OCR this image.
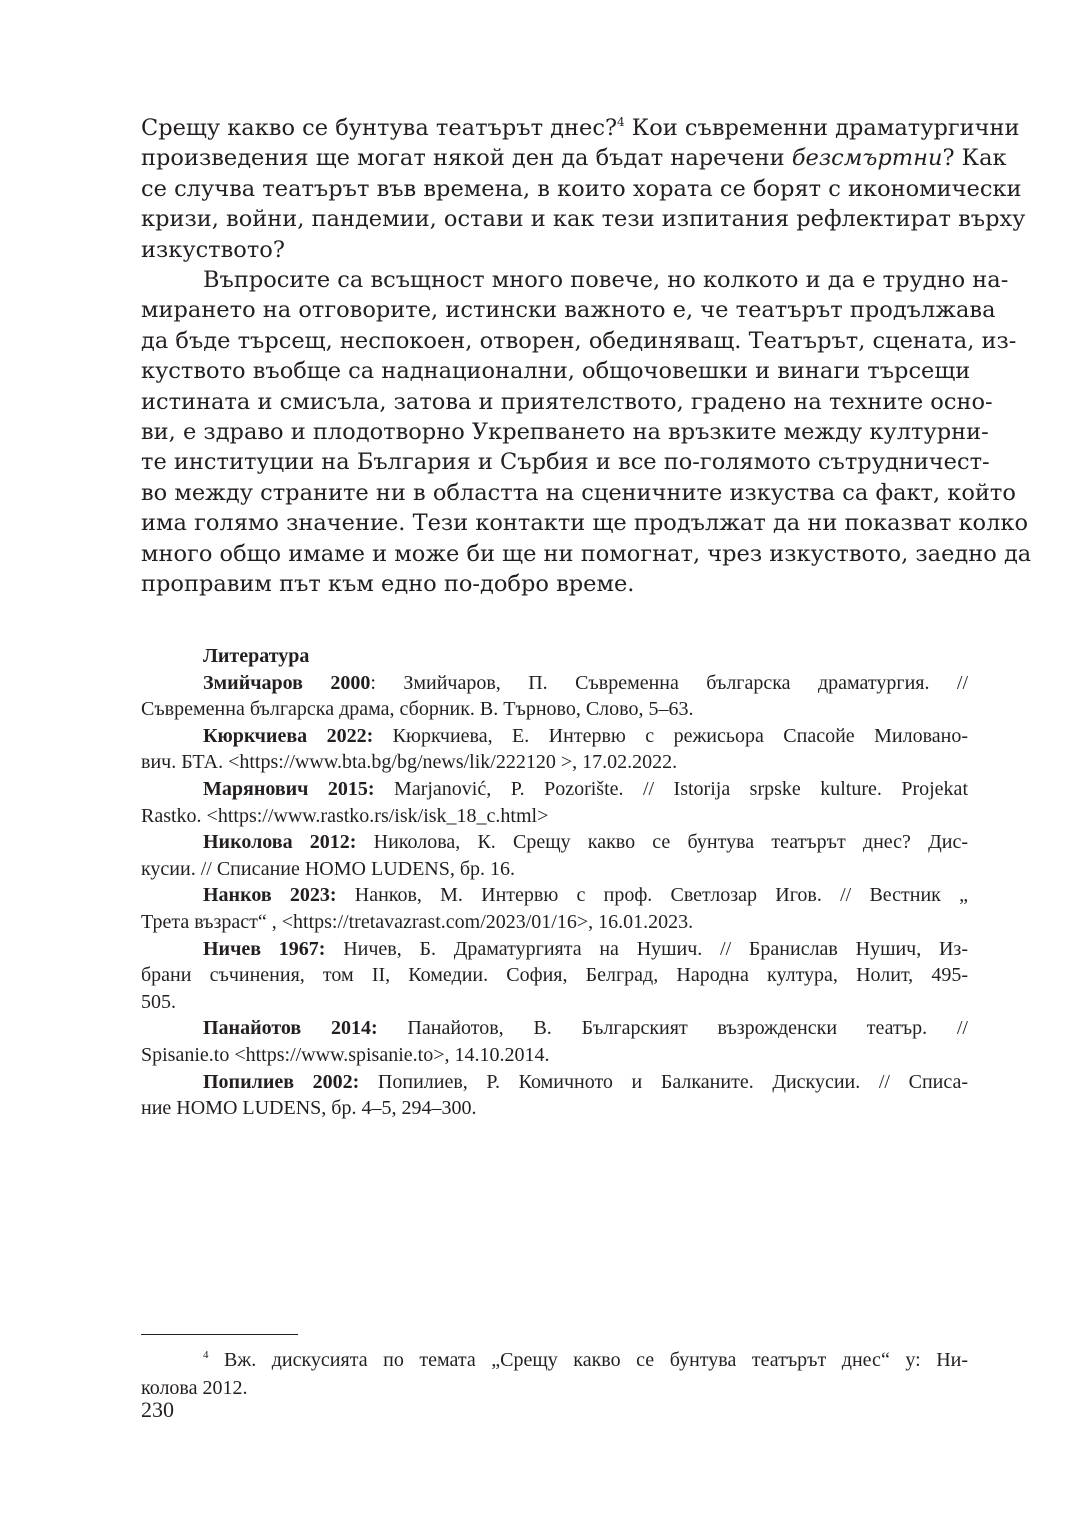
Срещу какво се бунтува театърът днес?$^4$ Кои съвременни драматургични
произведения ще могат някой ден да бъдат наречени безсмъртни? Как
се случва театърът във времена, в които хората се борят с икономически
кризи, войни, пандемии, остави и как тези изпитания рефлектират върху
изкуството?
Въпросите са всъщност много повече, но колкото и да е трудно на-
мирането на отговорите, истински важното е, че театърът продължава
да бъде търсещ, неспокоен, отворен, обединяващ. Театърът, сцената, из-
куството въобще са наднационални, общочовешки и винаги търсещи
истината и смисъла, затова и приятелството, градено на техните осно-
ви, е здраво и плодотворно Укрепването на връзките между културни-
те институции на България и Сърбия и все по-голямото сътрудничест-
во между страните ни в областта на сценичните изкуства са факт, който
има голямо значение. Тези контакти ще продължат да ни показват колко
много общо имаме и може би ще ни помогнат, чрез изкуството, заедно да
проправим път към едно по-добро време.
Литература
Змийчаров 2000: Змийчаров, П. Съвременна българска драматургия. //
Съвременна българска драма, сборник. В. Търново, Слово, 5–63.
Кюркчиева 2022: Кюркчиева, Е. Интервю с режисьора Спасойе Миловано-
вич. БТА. <https://www.bta.bg/bg/news/lik/222120 >, 17.02.2022.
Марянович 2015: Marjanović, P. Pozorište. // Istorija srpske kulture. Projekat
Rastko. <https://www.rastko.rs/isk/isk_18_c.html>
Николова 2012: Николова, К. Срещу какво се бунтува театърът днес? Дис-
кусии. // Списание HOMO LUDENS, бр. 16.
Нанков 2023: Нанков, М. Интервю с проф. Светлозар Игов. // Вестник „
Трета възраст“ , <https://tretavazrast.com/2023/01/16>, 16.01.2023.
Ничев 1967: Ничев, Б. Драматургията на Нушич. // Бранислав Нушич, Из-
брани съчинения, том II, Комедии. София, Белград, Народна култура, Нолит, 495-
505.
Панайотов 2014: Панайотов, В. Българският възрожденски театър. //
Spisanie.to <https://www.spisanie.to>, 14.10.2014.
Попилиев 2002: Попилиев, Р. Комичното и Балканите. Дискусии. // Списа-
ние HOMO LUDENS, бр. 4–5, 294–300.
$^4$ Вж. дискусията по темата „Срещу какво се бунтува театърът днес“ у: Ни-
колова 2012.
230
